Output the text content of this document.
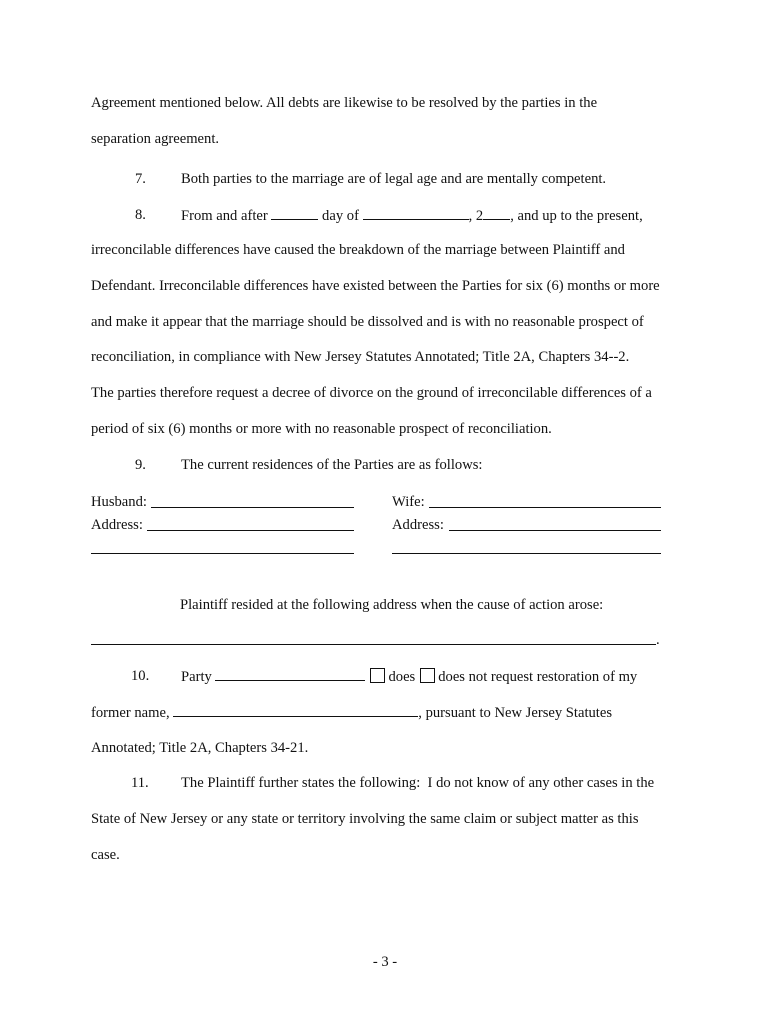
Agreement mentioned below. All debts are likewise to be resolved by the parties in the
separation agreement.
7. Both parties to the marriage are of legal age and are mentally competent.
8. From and after	day of	, 2 , and up to the present,
irreconcilable differences have caused the breakdown of the marriage between Plaintiff and
Defendant. Irreconcilable differences have existed between the Parties for six (6) months or more
and make it appear that the marriage should be dissolved and is with no reasonable prospect of
reconciliation, in compliance with New Jersey Statutes Annotated; Title 2A, Chapters 34--2.
The parties therefore request a decree of divorce on the ground of irreconcilable differences of a
period of six (6) months or more with no reasonable prospect of reconciliation.
9. The current residences of the Parties are as follows:
Husband:	Wife:
Address:	Address:
Plaintiff resided at the following address when the cause of action arose:
.
10. Party	does does not request restoration of my
former name,	, pursuant to New Jersey Statutes
Annotated; Title 2A, Chapters 34-21.
11. The Plaintiff further states the following:  I do not know of any other cases in the
State of New Jersey or any state or territory involving the same claim or subject matter as this
case.
- 3 -
